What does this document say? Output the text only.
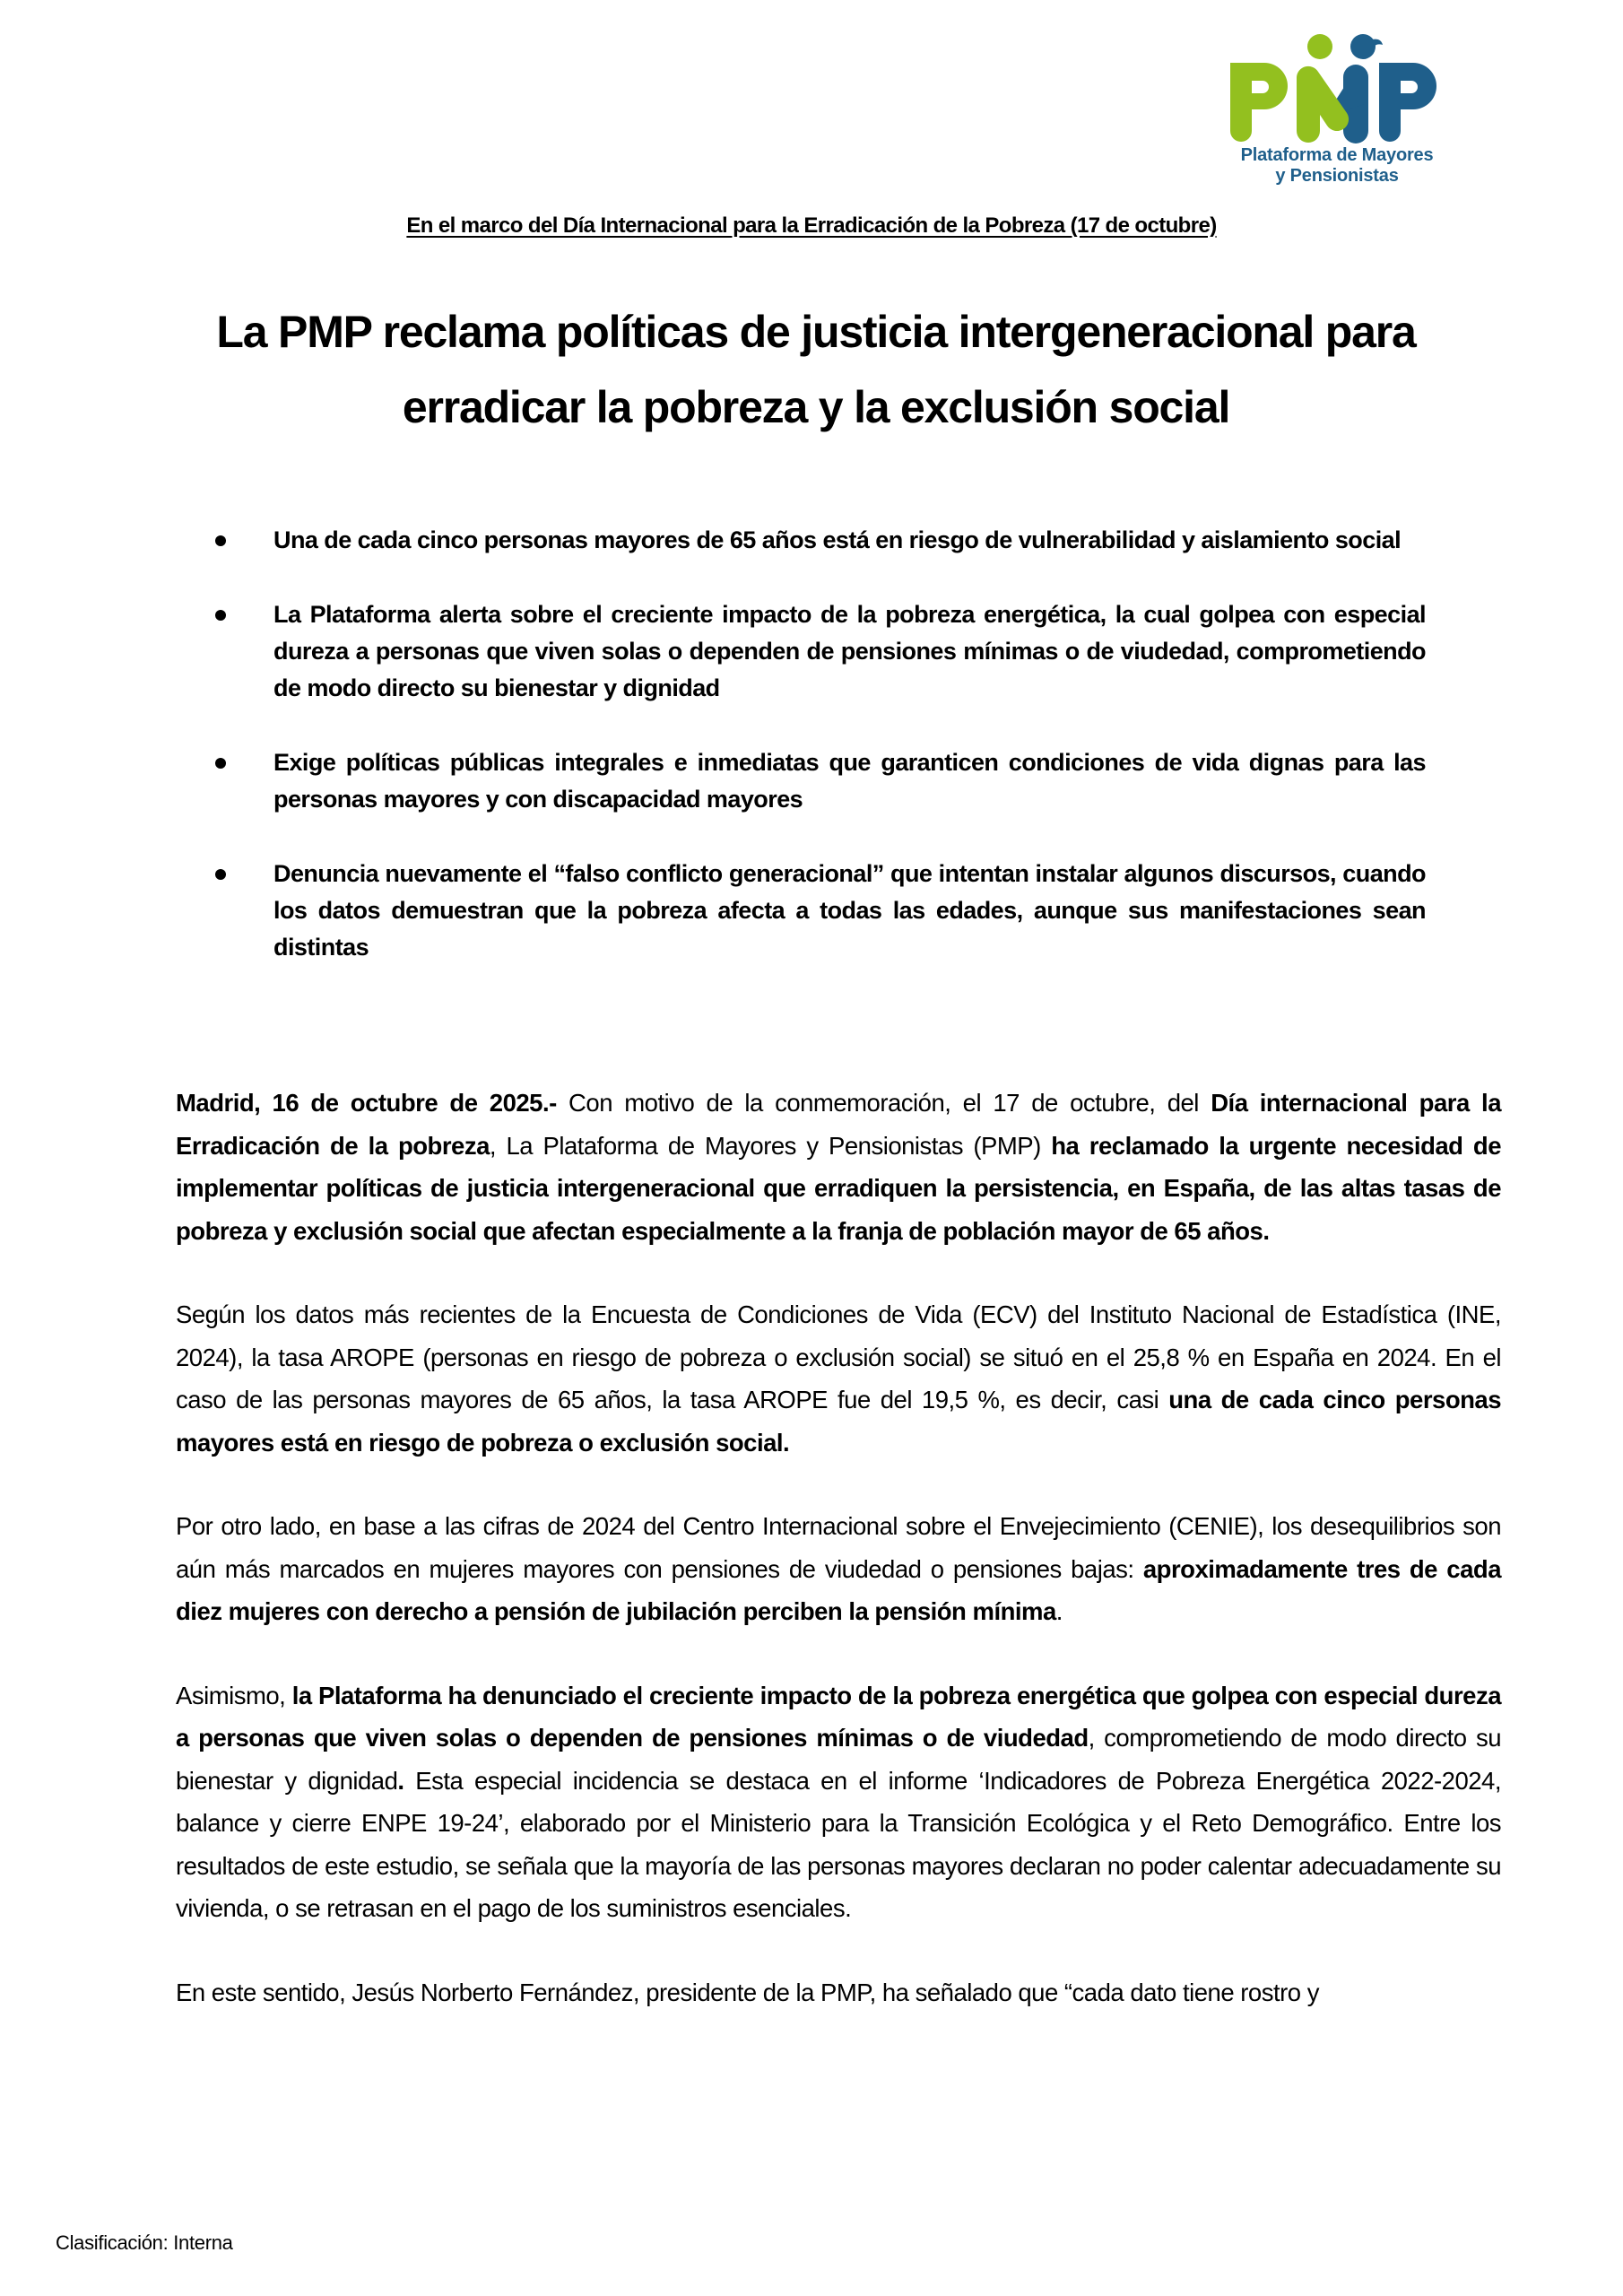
Plataforma de Mayores
y Pensionistas
En el marco del Día Internacional para la Erradicación de la Pobreza (17 de octubre)
La PMP reclama políticas de justicia intergeneracional para
erradicar la pobreza y la exclusión social
Una de cada cinco personas mayores de 65 años está en riesgo de vulnerabilidad y aislamiento social
La Plataforma alerta sobre el creciente impacto de la pobreza energética, la cual golpea con especial dureza a personas que viven solas o dependen de pensiones mínimas o de viudedad, comprometiendo de modo directo su bienestar y dignidad
Exige políticas públicas integrales e inmediatas que garanticen condiciones de vida dignas para las personas mayores y con discapacidad mayores
Denuncia nuevamente el “falso conflicto generacional” que intentan instalar algunos discursos, cuando los datos demuestran que la pobreza afecta a todas las edades, aunque sus manifestaciones sean distintas

Madrid, 16 de octubre de 2025.- Con motivo de la conmemoración, el 17 de octubre, del Día internacional para la Erradicación de la pobreza, La Plataforma de Mayores y Pensionistas (PMP) ha reclamado la urgente necesidad de implementar políticas de justicia intergeneracional que erradiquen la persistencia, en España, de las altas tasas de pobreza y exclusión social que afectan especialmente a la franja de población mayor de 65 años.

Según los datos más recientes de la Encuesta de Condiciones de Vida (ECV) del Instituto Nacional de Estadística (INE, 2024), la tasa AROPE (personas en riesgo de pobreza o exclusión social) se situó en el 25,8 % en España en 2024. En el caso de las personas mayores de 65 años, la tasa AROPE fue del 19,5 %, es decir, casi una de cada cinco personas mayores está en riesgo de pobreza o exclusión social.

Por otro lado, en base a las cifras de 2024 del Centro Internacional sobre el Envejecimiento (CENIE), los desequilibrios son aún más marcados en mujeres mayores con pensiones de viudedad o pensiones bajas: aproximadamente tres de cada diez mujeres con derecho a pensión de jubilación perciben la pensión mínima.

Asimismo, la Plataforma ha denunciado el creciente impacto de la pobreza energética que golpea con especial dureza a personas que viven solas o dependen de pensiones mínimas o de viudedad, comprometiendo de modo directo su bienestar y dignidad. Esta especial incidencia se destaca en el informe ‘Indicadores de Pobreza Energética 2022-2024, balance y cierre ENPE 19-24’, elaborado por el Ministerio para la Transición Ecológica y el Reto Demográfico. Entre los resultados de este estudio, se señala que la mayoría de las personas mayores declaran no poder calentar adecuadamente su vivienda, o se retrasan en el pago de los suministros esenciales.

En este sentido, Jesús Norberto Fernández, presidente de la PMP, ha señalado que “cada dato tiene rostro y

Clasificación: Interna
